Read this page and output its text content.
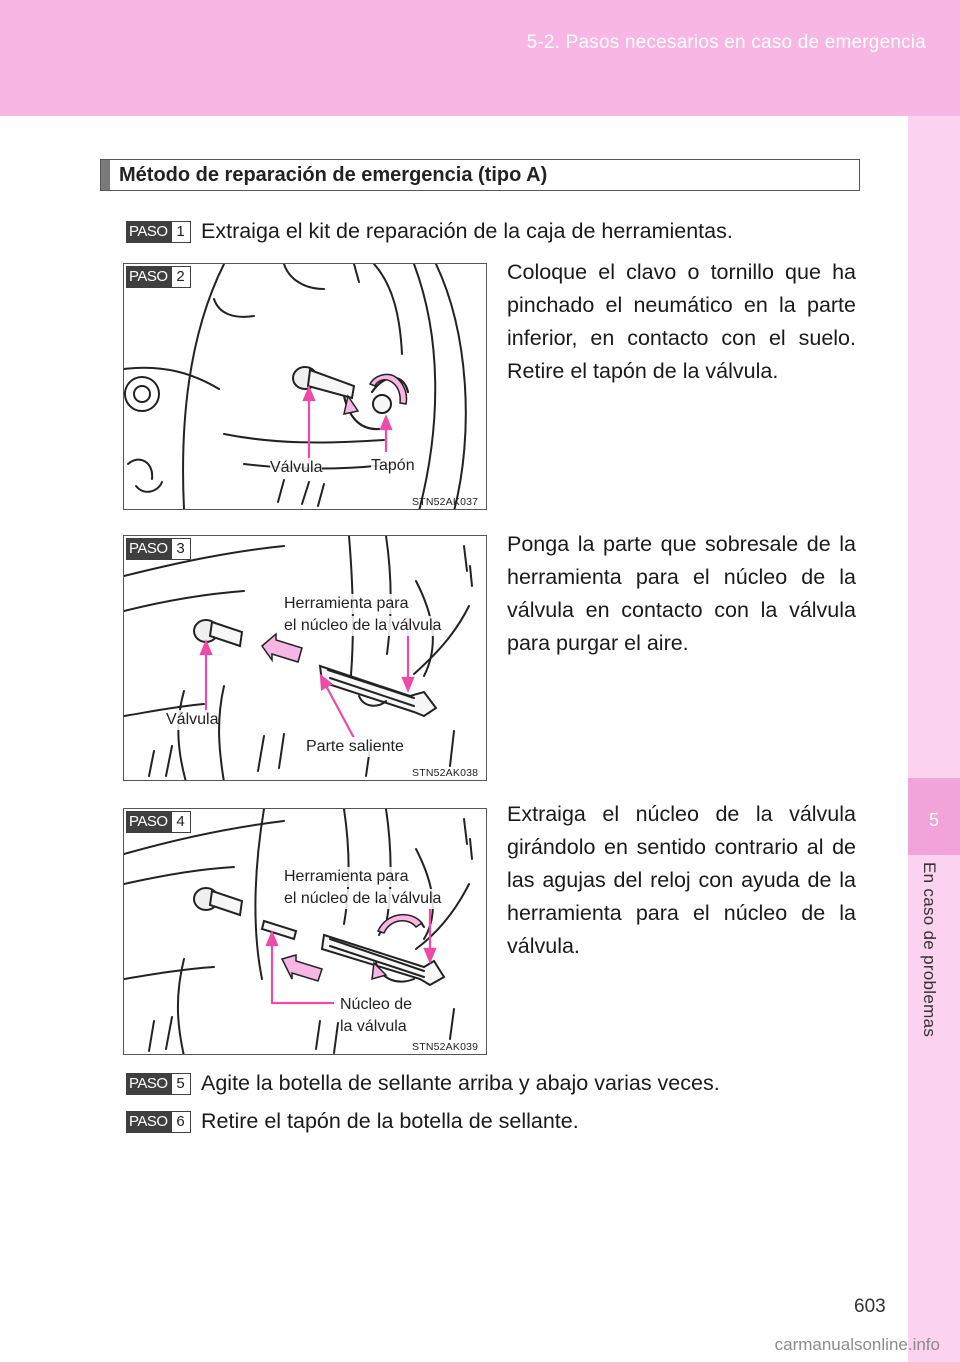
5-2. Pasos necesarios en caso de emergencia
5
En caso de problemas
Método de reparación de emergencia (tipo A)
PASO 1 Extraiga el kit de reparación de la caja de herramientas.
Válvula	Tapón
STN52AK037
PASO 2	Coloque el clavo o tornillo que ha pinchado el neumático en la parte inferior, en contacto con el suelo. Retire el tapón de la válvula.
Herramienta para
el núcleo de la válvula
Válvula
Parte saliente
STN52AK038
PASO 3	Ponga la parte que sobresale de la herramienta para el núcleo de la válvula en contacto con la válvula para purgar el aire.
Herramienta para
el núcleo de la válvula
Núcleo de
la válvula
STN52AK039
PASO 4	Extraiga el núcleo de la válvula girándolo en sentido contrario al de las agujas del reloj con ayuda de la herramienta para el núcleo de la válvula.
PASO 5 Agite la botella de sellante arriba y abajo varias veces.
PASO 6 Retire el tapón de la botella de sellante.
603
carmanualsonline.info
